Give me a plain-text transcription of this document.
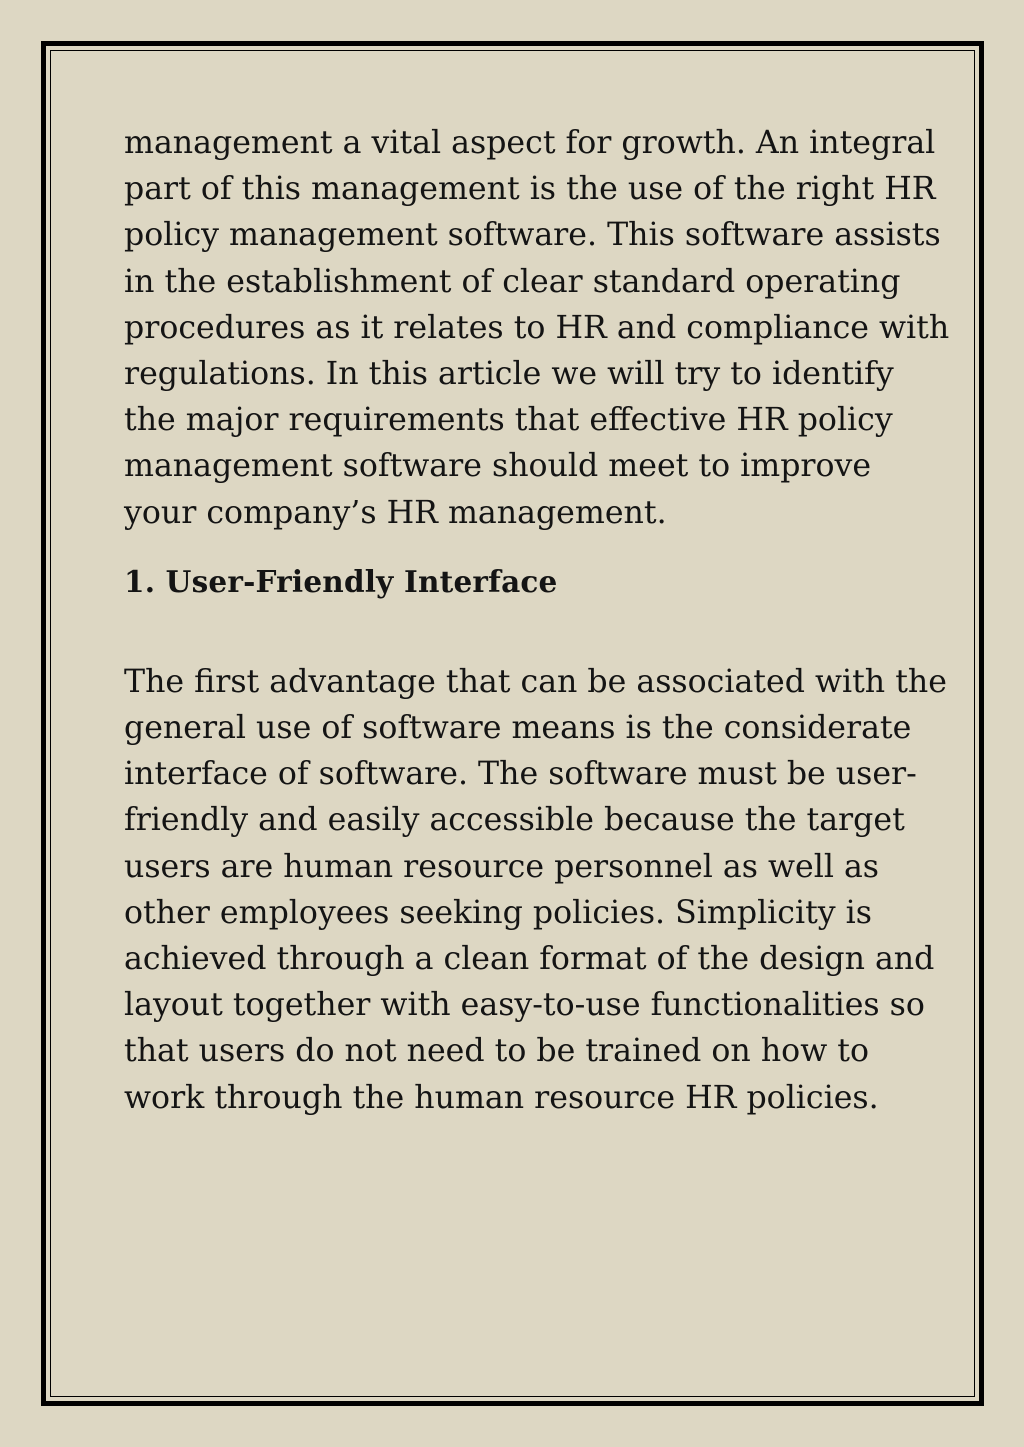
management a vital aspect for growth. An integral
part of this management is the use of the right HR
policy management software. This software assists
in the establishment of clear standard operating
procedures as it relates to HR and compliance with
regulations. In this article we will try to identify
the major requirements that effective HR policy
management software should meet to improve
your company’s HR management.

1. User-Friendly Interface

The first advantage that can be associated with the
general use of software means is the considerate
interface of software. The software must be user-
friendly and easily accessible because the target
users are human resource personnel as well as
other employees seeking policies. Simplicity is
achieved through a clean format of the design and
layout together with easy-to-use functionalities so
that users do not need to be trained on how to
work through the human resource HR policies.
